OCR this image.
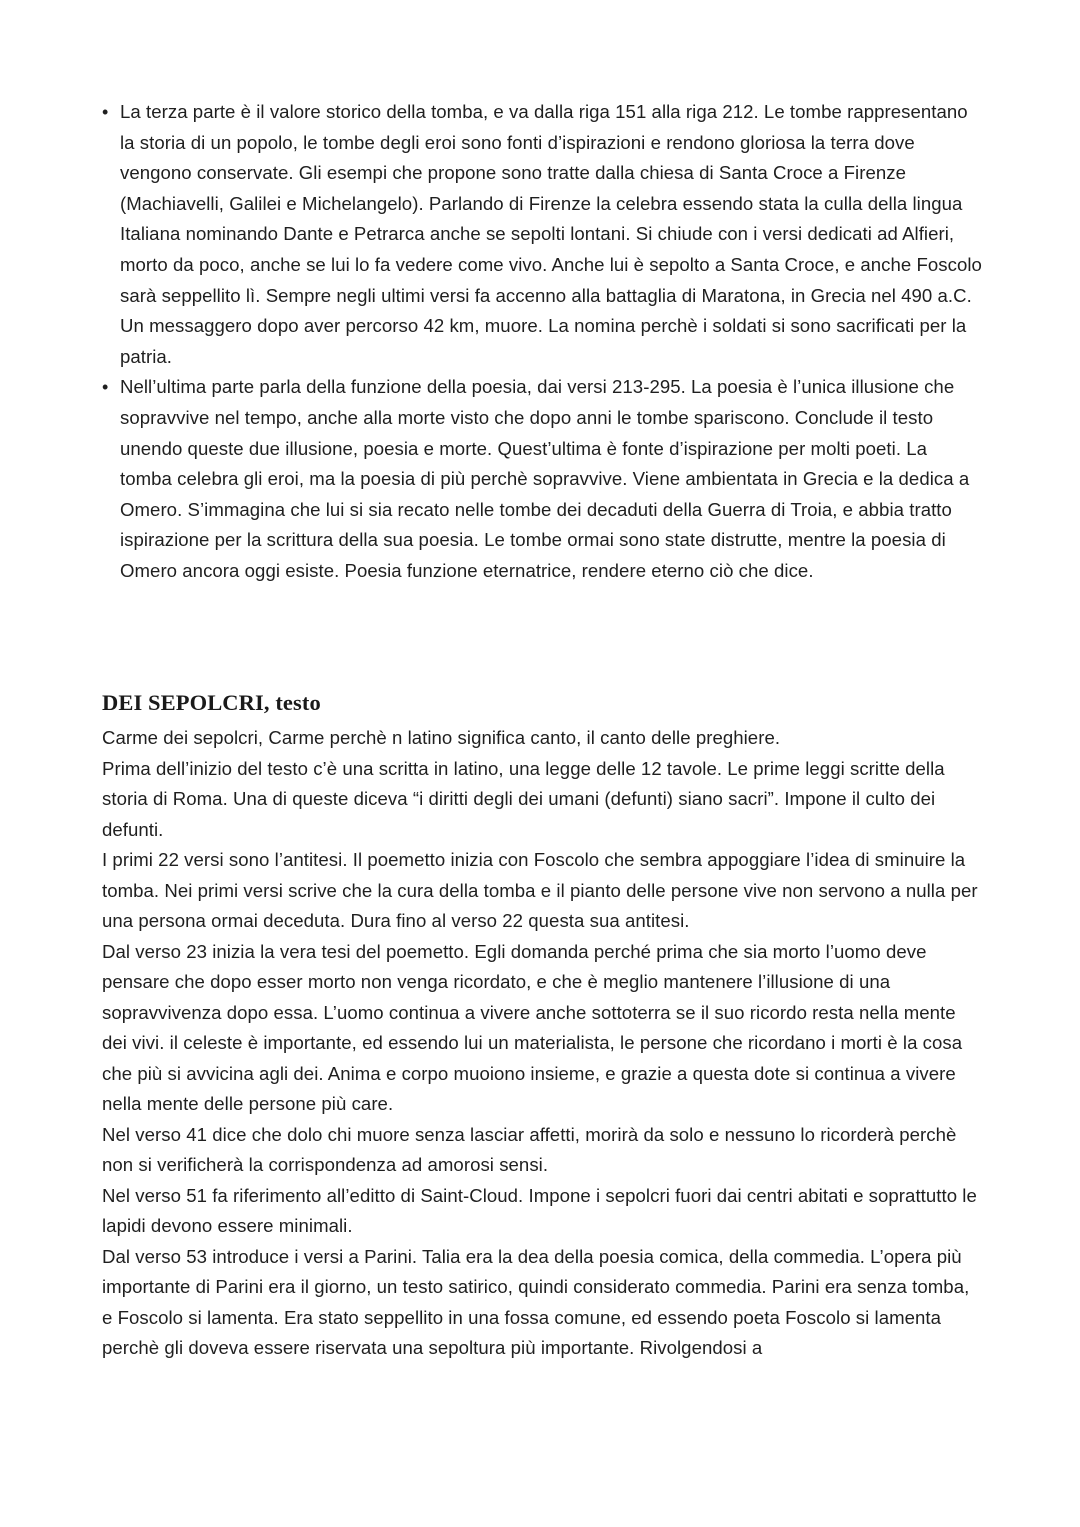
• La terza parte è il valore storico della tomba, e va dalla riga 151 alla riga 212. Le tombe rappresentano la storia di un popolo, le tombe degli eroi sono fonti d’ispirazioni e rendono gloriosa la terra dove vengono conservate. Gli esempi che propone sono tratte dalla chiesa di Santa Croce a Firenze (Machiavelli, Galilei e Michelangelo). Parlando di Firenze la celebra essendo stata la culla della lingua Italiana nominando Dante e Petrarca anche se sepolti lontani. Si chiude con i versi dedicati ad Alfieri, morto da poco, anche se lui lo fa vedere come vivo. Anche lui è sepolto a Santa Croce, e anche Foscolo sarà seppellito lì. Sempre negli ultimi versi fa accenno alla battaglia di Maratona, in Grecia nel 490 a.C. Un messaggero dopo aver percorso 42 km, muore. La nomina perchè i soldati si sono sacrificati per la patria.
• Nell’ultima parte parla della funzione della poesia, dai versi 213-295. La poesia è l’unica illusione che sopravvive nel tempo, anche alla morte visto che dopo anni le tombe spariscono. Conclude il testo unendo queste due illusione, poesia e morte. Quest’ultima è fonte d’ispirazione per molti poeti. La tomba celebra gli eroi, ma la poesia di più perchè sopravvive. Viene ambientata in Grecia e la dedica a Omero. S’immagina che lui si sia recato nelle tombe dei decaduti della Guerra di Troia, e abbia tratto ispirazione per la scrittura della sua poesia. Le tombe ormai sono state distrutte, mentre la poesia di Omero ancora oggi esiste. Poesia funzione eternatrice, rendere eterno ciò che dice.
DEI SEPOLCRI, testo

Carme dei sepolcri, Carme perchè n latino significa canto, il canto delle preghiere.

Prima dell’inizio del testo c’è una scritta in latino, una legge delle 12 tavole. Le prime leggi scritte della storia di Roma. Una di queste diceva “i diritti degli dei umani (defunti) siano sacri”. Impone il culto dei defunti.

I primi 22 versi sono l’antitesi. Il poemetto inizia con Foscolo che sembra appoggiare l’idea di sminuire la tomba. Nei primi versi scrive che la cura della tomba e il pianto delle persone vive non servono a nulla per una persona ormai deceduta. Dura fino al verso 22 questa sua antitesi.

Dal verso 23 inizia la vera tesi del poemetto. Egli domanda perché prima che sia morto l’uomo deve pensare che dopo esser morto non venga ricordato, e che è meglio mantenere l’illusione di una sopravvivenza dopo essa. L’uomo continua a vivere anche sottoterra se il suo ricordo resta nella mente dei vivi. il celeste è importante, ed essendo lui un materialista, le persone che ricordano i morti è la cosa che più si avvicina agli dei. Anima e corpo muoiono insieme, e grazie a questa dote si continua a vivere nella mente delle persone più care.

Nel verso 41 dice che dolo chi muore senza lasciar affetti, morirà da solo e nessuno lo ricorderà perchè non si verificherà la corrispondenza ad amorosi sensi.

Nel verso 51 fa riferimento all’editto di Saint-Cloud. Impone i sepolcri fuori dai centri abitati e soprattutto le lapidi devono essere minimali.

Dal verso 53 introduce i versi a Parini. Talia era la dea della poesia comica, della commedia. L’opera più importante di Parini era il giorno, un testo satirico, quindi considerato commedia. Parini era senza tomba, e Foscolo si lamenta. Era stato seppellito in una fossa comune, ed essendo poeta Foscolo si lamenta perchè gli doveva essere riservata una sepoltura più importante. Rivolgendosi a
